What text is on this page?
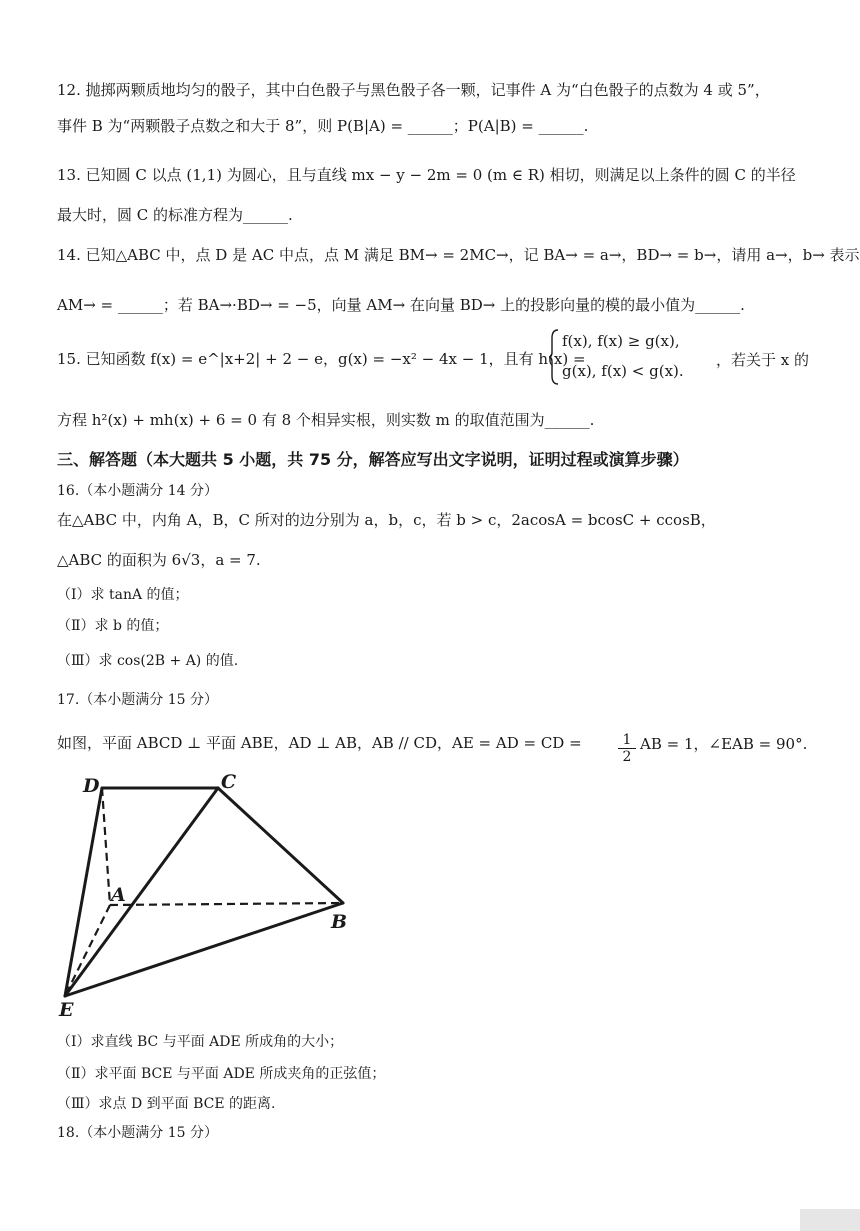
12. 抛掷两颗质地均匀的骰子，其中白色骰子与黑色骰子各一颗，记事件 A 为“白色骰子的点数为 4 或 5”，
事件 B 为“两颗骰子点数之和大于 8”，则 P(B|A) = ______；P(A|B) = ______.
13. 已知圆 C 以点 (1,1) 为圆心，且与直线 mx − y − 2m = 0 (m ∈ R) 相切，则满足以上条件的圆 C 的半径
最大时，圆 C 的标准方程为______.
14. 已知△ABC 中，点 D 是 AC 中点，点 M 满足 BM→ = 2MC→，记 BA→ = a→，BD→ = b→，请用 a→，b→ 表示
AM→ = ______；若 BA→·BD→ = −5，向量 AM→ 在向量 BD→ 上的投影向量的模的最小值为______.
15. 已知函数 f(x) = e^|x+2| + 2 − e，g(x) = −x² − 4x − 1，且有 h(x) =
f(x), f(x) ≥ g(x),
g(x), f(x) < g(x).
，若关于 x 的
方程 h²(x) + mh(x) + 6 = 0 有 8 个相异实根，则实数 m 的取值范围为______.
三、解答题（本大题共 5 小题，共 75 分，解答应写出文字说明，证明过程或演算步骤）
16.（本小题满分 14 分）
在△ABC 中，内角 A，B，C 所对的边分别为 a，b，c，若 b > c，2acosA = bcosC + ccosB，
△ABC 的面积为 6√3，a = 7.
（Ⅰ）求 tanA 的值；
（Ⅱ）求 b 的值；
（Ⅲ）求 cos(2B + A) 的值.
17.（本小题满分 15 分）
如图，平面 ABCD ⊥ 平面 ABE，AD ⊥ AB，AB // CD，AE = AD = CD =	1
2
AB = 1，∠EAB = 90°.
D	C
A
B
E
（Ⅰ）求直线 BC 与平面 ADE 所成角的大小；
（Ⅱ）求平面 BCE 与平面 ADE 所成夹角的正弦值；
（Ⅲ）求点 D 到平面 BCE 的距离.
18.（本小题满分 15 分）
